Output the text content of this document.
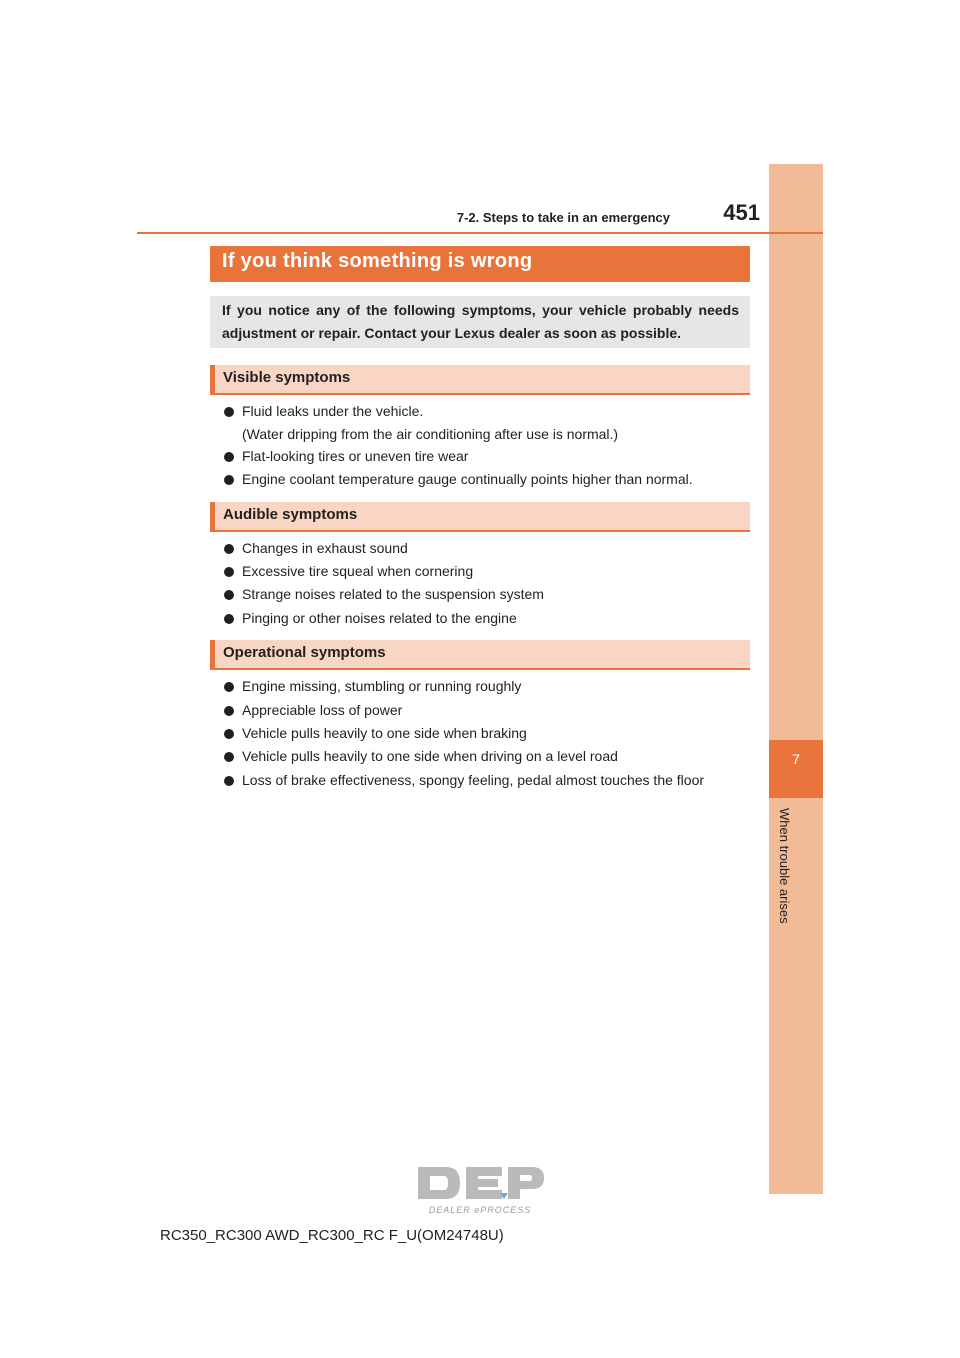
7
When trouble arises
7-2. Steps to take in an emergency	451
If you think something is wrong
If you notice any of the following symptoms, your vehicle probably needs adjustment or repair. Contact your Lexus dealer as soon as possible.
Visible symptoms
Fluid leaks under the vehicle.
(Water dripping from the air conditioning after use is normal.)
Flat-looking tires or uneven tire wear
Engine coolant temperature gauge continually points higher than normal.
Audible symptoms
Changes in exhaust sound
Excessive tire squeal when cornering
Strange noises related to the suspension system
Pinging or other noises related to the engine
Operational symptoms
Engine missing, stumbling or running roughly
Appreciable loss of power
Vehicle pulls heavily to one side when braking
Vehicle pulls heavily to one side when driving on a level road
Loss of brake effectiveness, spongy feeling, pedal almost touches the floor
DEALER ePROCESS
RC350_RC300 AWD_RC300_RC F_U(OM24748U)
